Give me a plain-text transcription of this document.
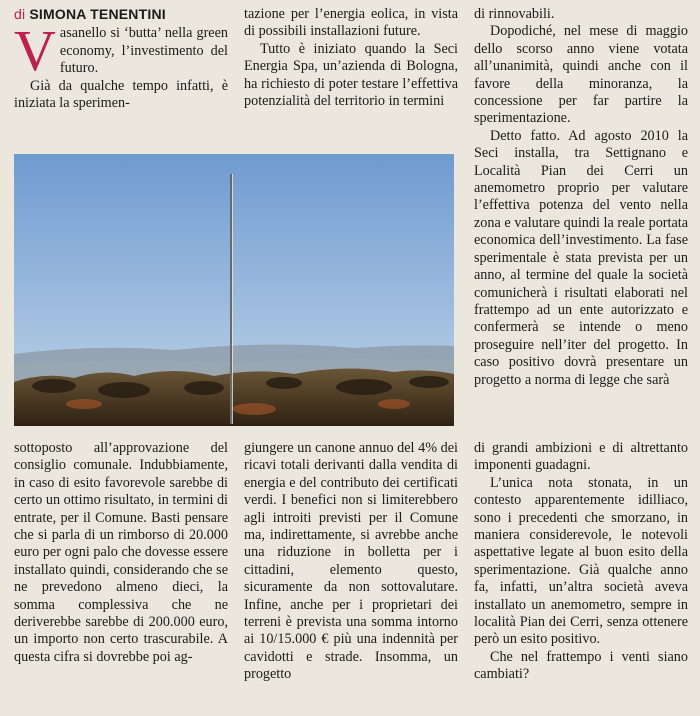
di SIMONA TENENTINI
V asanello si ‘butta’ nella green economy, l’investimento del futuro.

Già da qualche tempo infatti, è iniziata la sperimen-

tazione per l’energia eolica, in vista di possibili installazioni future.

Tutto è iniziato quando la Seci Energia Spa, un’azienda di Bologna, ha richiesto di poter testare l’effettiva potenzialità del territorio in termini

di rinnovabili.

Dopodiché, nel mese di maggio dello scorso anno viene votata all’unanimità, quindi anche con il favore della minoranza, la concessione per far partire la sperimentazione.

Detto fatto. Ad agosto 2010 la Seci installa, tra Settignano e Località Pian dei Cerri un anemometro proprio per valutare l’effettiva potenza del vento nella zona e valutare quindi la reale portata economica dell’investimento. La fase sperimentale è stata prevista per un anno, al termine del quale la società comunicherà i risultati elaborati nel frattempo ad un ente autorizzato e confermerà se intende o meno proseguire nell’iter del progetto. In caso positivo dovrà presentare un progetto a norma di legge che sarà

sottoposto all’approvazione del consiglio comunale. Indubbiamente, in caso di esito favorevole sarebbe di certo un ottimo risultato, in termini di entrate, per il Comune. Basti pensare che si parla di un rimborso di 20.000 euro per ogni palo che dovesse essere installato quindi, considerando che se ne prevedono almeno dieci, la somma complessiva che ne deriverebbe sarebbe di 200.000 euro, un importo non certo trascurabile. A questa cifra si dovrebbe poi ag-

giungere un canone annuo del 4% dei ricavi totali derivanti dalla vendita di energia e del contributo dei certificati verdi. I benefici non si limiterebbero agli introiti previsti per il Comune ma, indirettamente, si avrebbe anche una riduzione in bolletta per i cittadini, elemento questo, sicuramente da non sottovalutare. Infine, anche per i proprietari dei terreni è prevista una somma intorno ai 10/15.000 € più una indennità per cavidotti e strade. Insomma, un progetto

di grandi ambizioni e di altrettanto imponenti guadagni.

L’unica nota stonata, in un contesto apparentemente idilliaco, sono i precedenti che smorzano, in maniera considerevole, le notevoli aspettative legate al buon esito della sperimentazione. Già qualche anno fa, infatti, un’altra società aveva installato un anemometro, sempre in località Pian dei Cerri, senza ottenere però un esito positivo.

Che nel frattempo i venti siano cambiati?
